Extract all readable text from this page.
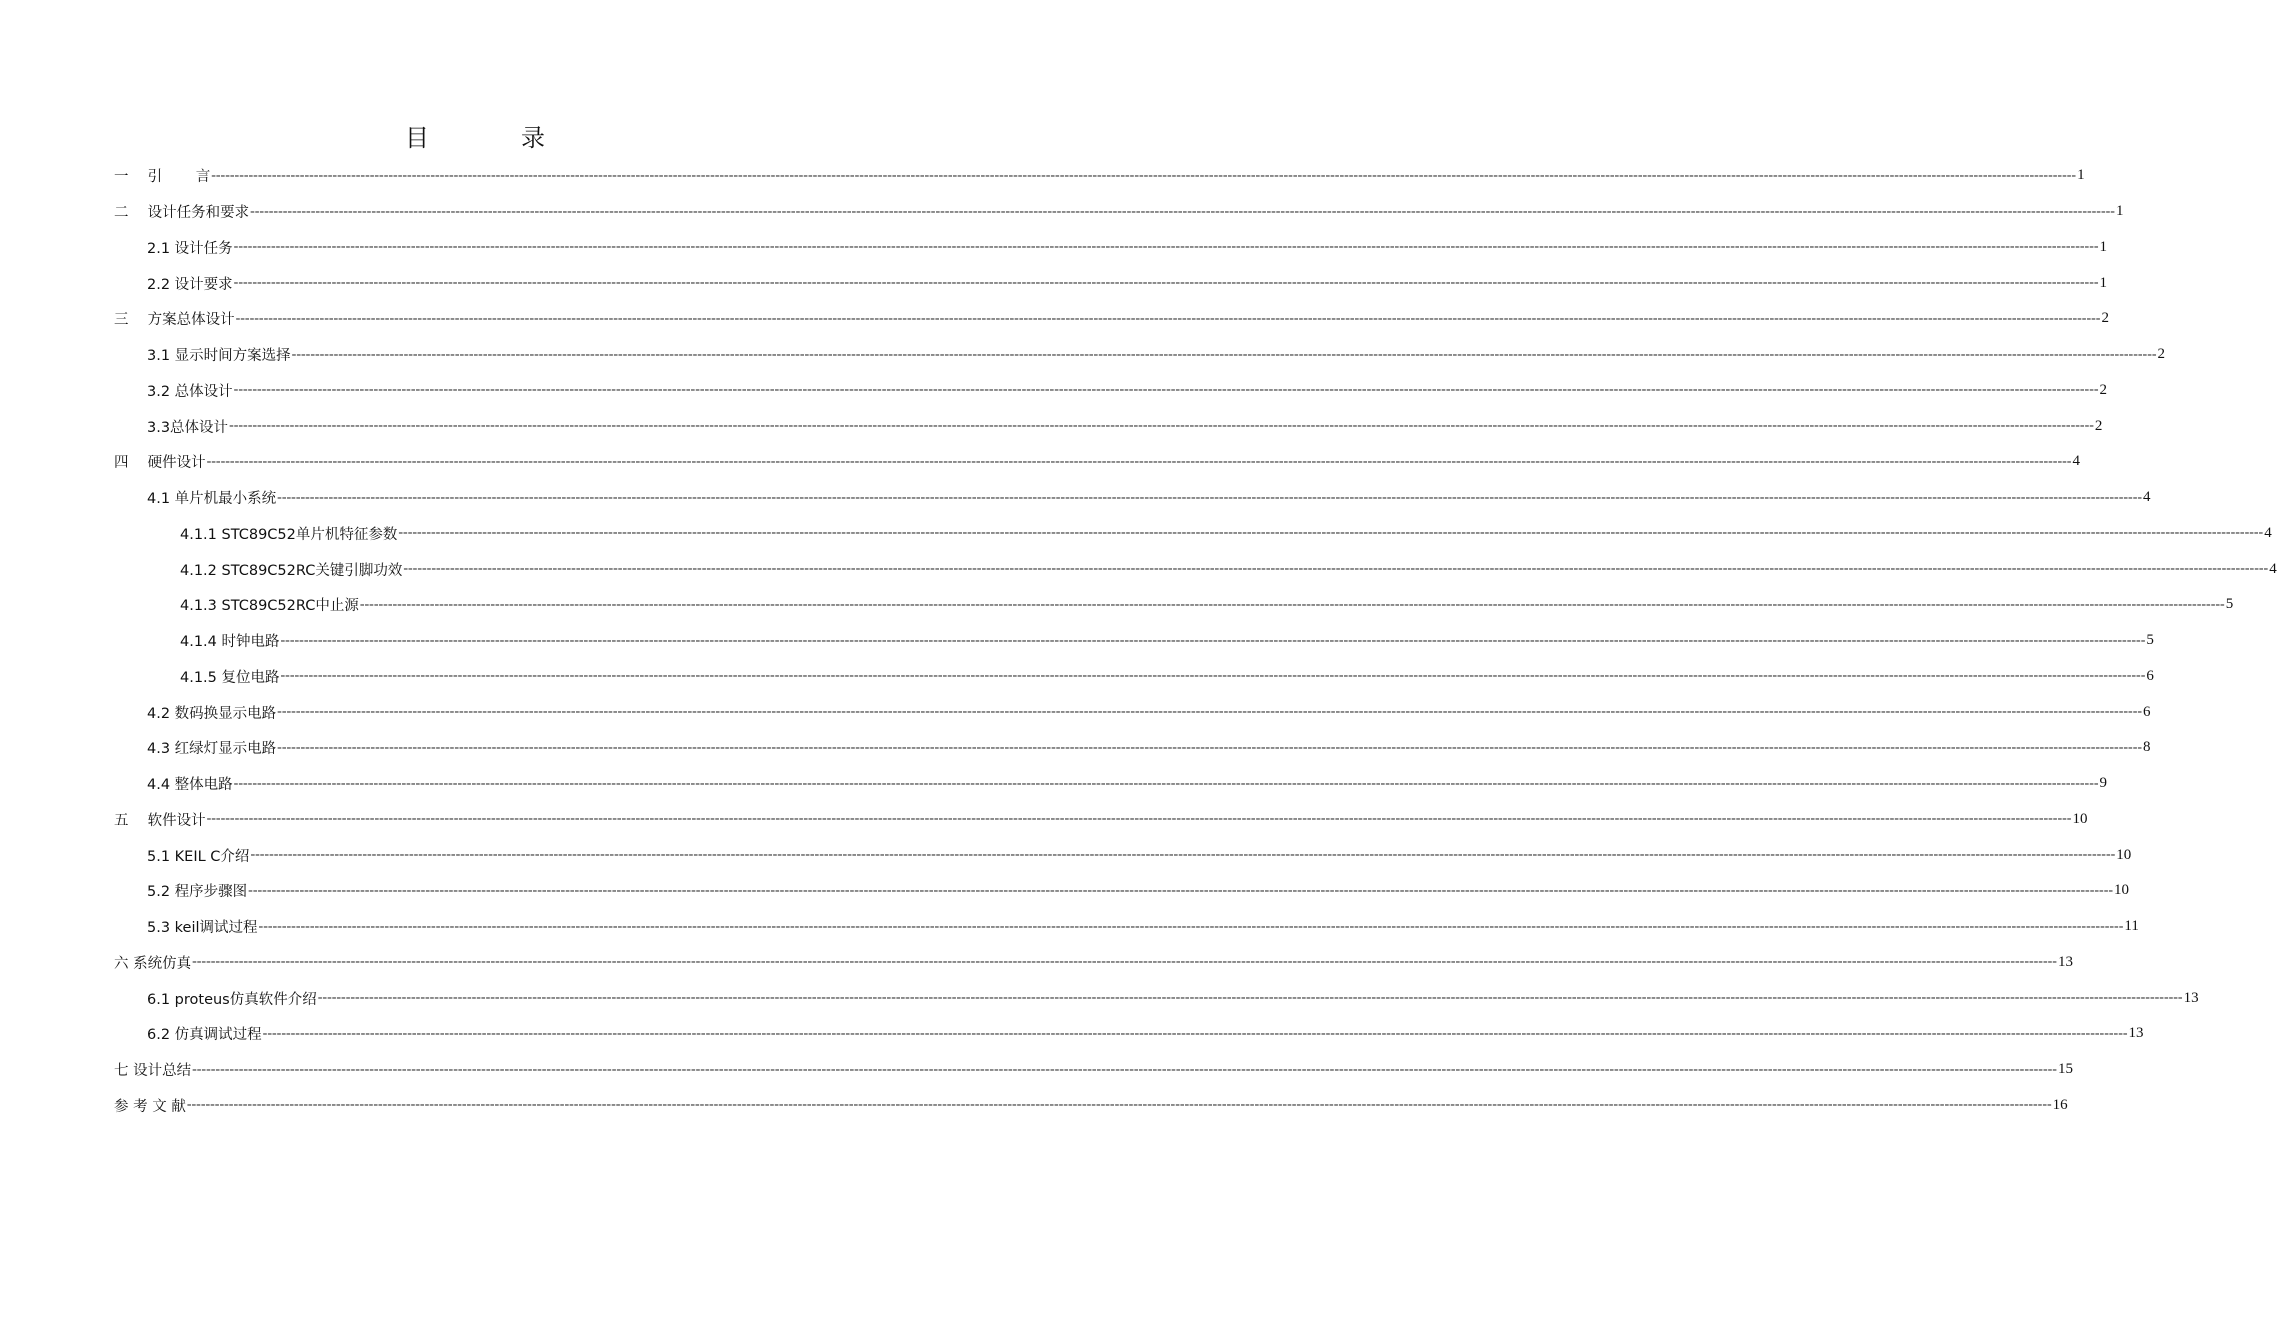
目　录
一　 引　　 言 ---------------------------------------------------------------------------------------------------------------------------------------------------------------------------------------------------------------------------------------------------------------------------------------------------------------------------------------------------------------------------------------------------------------- 1
二　 设计任务和要求 ---------------------------------------------------------------------------------------------------------------------------------------------------------------------------------------------------------------------------------------------------------------------------------------------------------------------------------------------------------------------------------------------------------------- 1
2.1 设计任务 ---------------------------------------------------------------------------------------------------------------------------------------------------------------------------------------------------------------------------------------------------------------------------------------------------------------------------------------------------------------------------------------------------------------- 1
2.2 设计要求 ---------------------------------------------------------------------------------------------------------------------------------------------------------------------------------------------------------------------------------------------------------------------------------------------------------------------------------------------------------------------------------------------------------------- 1
三　 方案总体设计 ---------------------------------------------------------------------------------------------------------------------------------------------------------------------------------------------------------------------------------------------------------------------------------------------------------------------------------------------------------------------------------------------------------------- 2
3.1 显示时间方案选择 ---------------------------------------------------------------------------------------------------------------------------------------------------------------------------------------------------------------------------------------------------------------------------------------------------------------------------------------------------------------------------------------------------------------- 2
3.2 总体设计 ---------------------------------------------------------------------------------------------------------------------------------------------------------------------------------------------------------------------------------------------------------------------------------------------------------------------------------------------------------------------------------------------------------------- 2
3.3总体设计 ---------------------------------------------------------------------------------------------------------------------------------------------------------------------------------------------------------------------------------------------------------------------------------------------------------------------------------------------------------------------------------------------------------------- 2
四　 硬件设计 ---------------------------------------------------------------------------------------------------------------------------------------------------------------------------------------------------------------------------------------------------------------------------------------------------------------------------------------------------------------------------------------------------------------- 4
4.1 单片机最小系统 ---------------------------------------------------------------------------------------------------------------------------------------------------------------------------------------------------------------------------------------------------------------------------------------------------------------------------------------------------------------------------------------------------------------- 4
4.1.1 STC89C52单片机特征参数 ---------------------------------------------------------------------------------------------------------------------------------------------------------------------------------------------------------------------------------------------------------------------------------------------------------------------------------------------------------------------------------------------------------------- 4
4.1.2 STC89C52RC关键引脚功效 ---------------------------------------------------------------------------------------------------------------------------------------------------------------------------------------------------------------------------------------------------------------------------------------------------------------------------------------------------------------------------------------------------------------- 4
4.1.3 STC89C52RC中止源 ---------------------------------------------------------------------------------------------------------------------------------------------------------------------------------------------------------------------------------------------------------------------------------------------------------------------------------------------------------------------------------------------------------------- 5
4.1.4 时钟电路 ---------------------------------------------------------------------------------------------------------------------------------------------------------------------------------------------------------------------------------------------------------------------------------------------------------------------------------------------------------------------------------------------------------------- 5
4.1.5 复位电路 ---------------------------------------------------------------------------------------------------------------------------------------------------------------------------------------------------------------------------------------------------------------------------------------------------------------------------------------------------------------------------------------------------------------- 6
4.2 数码换显示电路 ---------------------------------------------------------------------------------------------------------------------------------------------------------------------------------------------------------------------------------------------------------------------------------------------------------------------------------------------------------------------------------------------------------------- 6
4.3 红绿灯显示电路 ---------------------------------------------------------------------------------------------------------------------------------------------------------------------------------------------------------------------------------------------------------------------------------------------------------------------------------------------------------------------------------------------------------------- 8
4.4 整体电路 ---------------------------------------------------------------------------------------------------------------------------------------------------------------------------------------------------------------------------------------------------------------------------------------------------------------------------------------------------------------------------------------------------------------- 9
五　 软件设计 ---------------------------------------------------------------------------------------------------------------------------------------------------------------------------------------------------------------------------------------------------------------------------------------------------------------------------------------------------------------------------------------------------------------- 10
5.1 KEIL C介绍 ---------------------------------------------------------------------------------------------------------------------------------------------------------------------------------------------------------------------------------------------------------------------------------------------------------------------------------------------------------------------------------------------------------------- 10
5.2 程序步骤图 ---------------------------------------------------------------------------------------------------------------------------------------------------------------------------------------------------------------------------------------------------------------------------------------------------------------------------------------------------------------------------------------------------------------- 10
5.3 keil调试过程 ---------------------------------------------------------------------------------------------------------------------------------------------------------------------------------------------------------------------------------------------------------------------------------------------------------------------------------------------------------------------------------------------------------------- 11
六 系统仿真 ---------------------------------------------------------------------------------------------------------------------------------------------------------------------------------------------------------------------------------------------------------------------------------------------------------------------------------------------------------------------------------------------------------------- 13
6.1 proteus仿真软件介绍 ---------------------------------------------------------------------------------------------------------------------------------------------------------------------------------------------------------------------------------------------------------------------------------------------------------------------------------------------------------------------------------------------------------------- 13
6.2 仿真调试过程 ---------------------------------------------------------------------------------------------------------------------------------------------------------------------------------------------------------------------------------------------------------------------------------------------------------------------------------------------------------------------------------------------------------------- 13
七 设计总结 ---------------------------------------------------------------------------------------------------------------------------------------------------------------------------------------------------------------------------------------------------------------------------------------------------------------------------------------------------------------------------------------------------------------- 15
参 考 文 献 ---------------------------------------------------------------------------------------------------------------------------------------------------------------------------------------------------------------------------------------------------------------------------------------------------------------------------------------------------------------------------------------------------------------- 16
